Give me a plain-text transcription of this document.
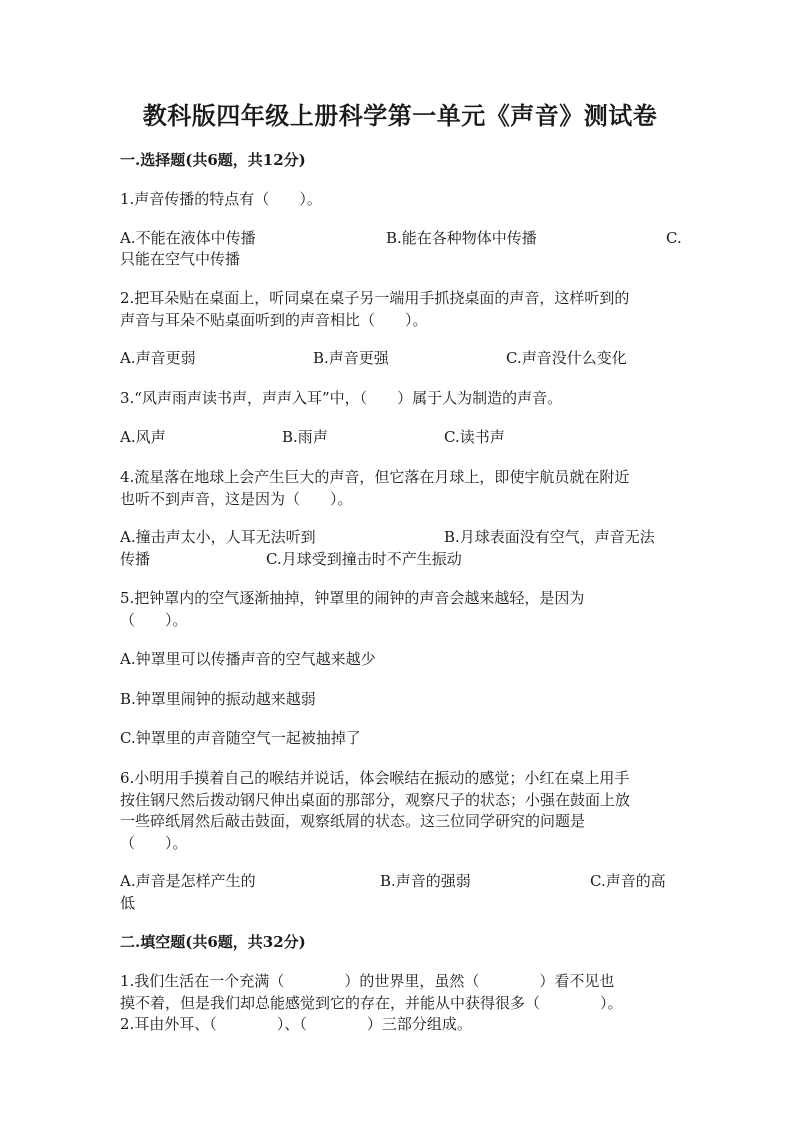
教科版四年级上册科学第一单元《声音》测试卷
一.选择题(共6题，共12分)
1.声音传播的特点有（　　）。
A.不能在液体中传播	B.能在各种物体中传播	C.
只能在空气中传播
2.把耳朵贴在桌面上，听同桌在桌子另一端用手抓挠桌面的声音，这样听到的
声音与耳朵不贴桌面听到的声音相比（　　）。
A.声音更弱	B.声音更强	C.声音没什么变化
3.“风声雨声读书声，声声入耳”中，（　　）属于人为制造的声音。
A.风声	B.雨声	C.读书声
4.流星落在地球上会产生巨大的声音，但它落在月球上，即使宇航员就在附近
也听不到声音，这是因为（　　）。
A.撞击声太小，人耳无法听到	B.月球表面没有空气，声音无法
传播	C.月球受到撞击时不产生振动
5.把钟罩内的空气逐渐抽掉，钟罩里的闹钟的声音会越来越轻，是因为
（　　）。
A.钟罩里可以传播声音的空气越来越少
B.钟罩里闹钟的振动越来越弱
C.钟罩里的声音随空气一起被抽掉了
6.小明用手摸着自己的喉结并说话，体会喉结在振动的感觉；小红在桌上用手
按住钢尺然后拨动钢尺伸出桌面的那部分，观察尺子的状态；小强在鼓面上放
一些碎纸屑然后敲击鼓面，观察纸屑的状态。这三位同学研究的问题是
（　　）。
A.声音是怎样产生的	B.声音的强弱	C.声音的高
低
二.填空题(共6题，共32分)
1.我们生活在一个充满（　　　　）的世界里，虽然（　　　　）看不见也
摸不着，但是我们却总能感觉到它的存在，并能从中获得很多（　　　　）。
2.耳由外耳、（　　　　）、（　　　　）三部分组成。
